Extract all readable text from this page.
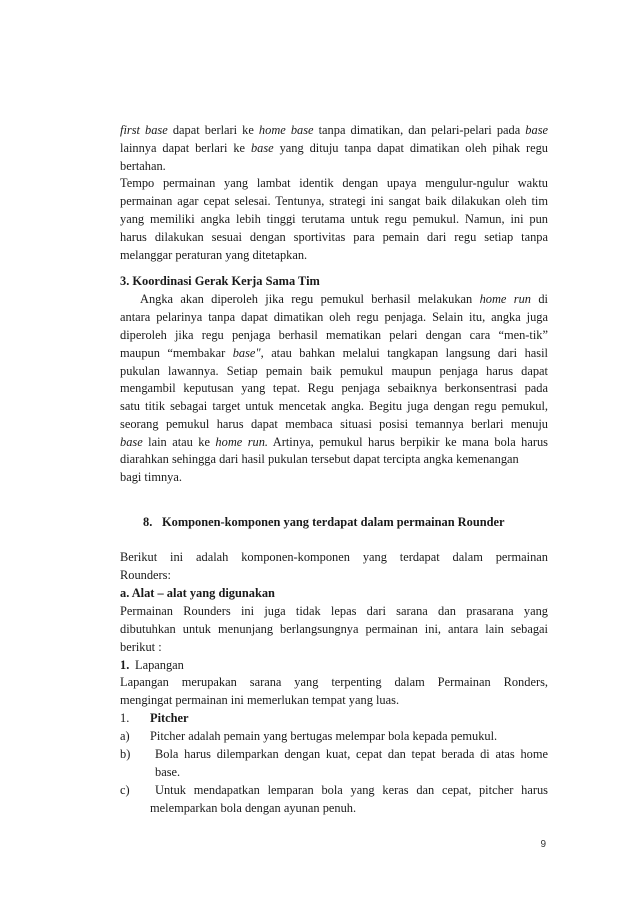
first base dapat berlari ke home base tanpa dimatikan, dan pelari-pelari pada base
lainnya dapat berlari ke base yang dituju tanpa dapat dimatikan oleh pihak regu
bertahan.
Tempo permainan yang lambat identik dengan upaya mengulur-ngulur waktu
permainan agar cepat selesai. Tentunya, strategi ini sangat baik dilakukan oleh tim
yang memiliki angka lebih tinggi terutama untuk regu pemukul. Namun, ini pun
harus dilakukan sesuai dengan sportivitas para pemain dari regu setiap tanpa
melanggar peraturan yang ditetapkan.
3. Koordinasi Gerak Kerja Sama Tim
Angka akan diperoleh jika regu pemukul berhasil melakukan home run di
antara pelarinya tanpa dapat dimatikan oleh regu penjaga. Selain itu, angka juga
diperoleh jika regu penjaga berhasil mematikan pelari dengan cara “men-tik”
maupun “membakar base", atau bahkan melalui tangkapan langsung dari hasil
pukulan lawannya. Setiap pemain baik pemukul maupun penjaga harus dapat
mengambil keputusan yang tepat. Regu penjaga sebaiknya berkonsentrasi pada
satu titik sebagai target untuk mencetak angka. Begitu juga dengan regu pemukul,
seorang pemukul harus dapat membaca situasi posisi temannya berlari menuju
base lain atau ke home run. Artinya, pemukul harus berpikir ke mana bola harus
diarahkan sehingga dari hasil pukulan tersebut dapat tercipta angka kemenangan
bagi timnya.
8. Komponen-komponen yang terdapat dalam permainan Rounder
Berikut ini adalah komponen-komponen yang terdapat dalam permainan
Rounders:
a. Alat – alat yang digunakan
Permainan Rounders ini juga tidak lepas dari sarana dan prasarana yang
dibutuhkan untuk menunjang berlangsungnya permainan ini, antara lain sebagai
berikut :
1. Lapangan
Lapangan merupakan sarana yang terpenting dalam Permainan Ronders,
mengingat permainan ini memerlukan tempat yang luas.
1. Pitcher
a) Pitcher adalah pemain yang bertugas melempar bola kepada pemukul.
b) Bola harus dilemparkan dengan kuat, cepat dan tepat berada di atas home
base.
c) Untuk mendapatkan lemparan bola yang keras dan cepat, pitcher harus
melemparkan bola dengan ayunan penuh.
9
